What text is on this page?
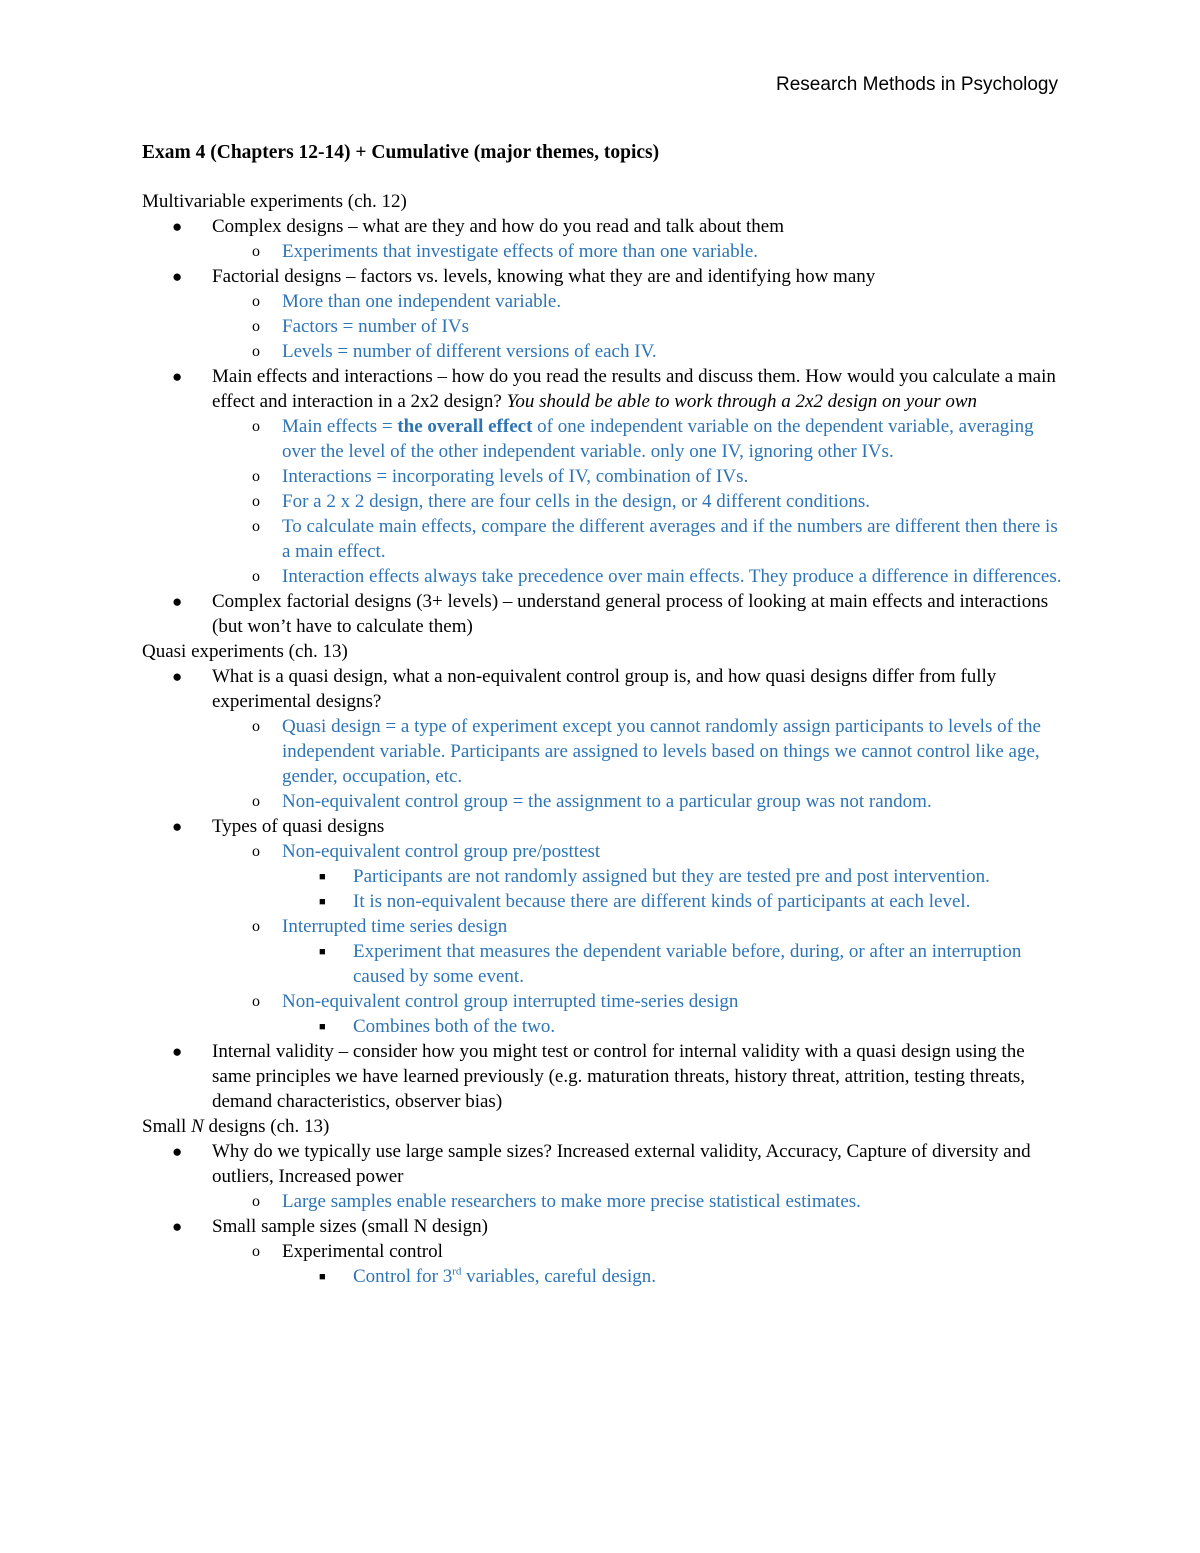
Research Methods in Psychology
Exam 4 (Chapters 12-14) + Cumulative (major themes, topics)
Multivariable experiments (ch. 12)
● Complex designs – what are they and how do you read and talk about them
o Experiments that investigate effects of more than one variable.
● Factorial designs – factors vs. levels, knowing what they are and identifying how many
o More than one independent variable.
o Factors = number of IVs
o Levels = number of different versions of each IV.
● Main effects and interactions – how do you read the results and discuss them. How would you calculate a main effect and interaction in a 2x2 design? You should be able to work through a 2x2 design on your own
o Main effects = the overall effect of one independent variable on the dependent variable, averaging over the level of the other independent variable. only one IV, ignoring other IVs.
o Interactions = incorporating levels of IV, combination of IVs.
o For a 2 x 2 design, there are four cells in the design, or 4 different conditions.
o To calculate main effects, compare the different averages and if the numbers are different then there is a main effect.
o Interaction effects always take precedence over main effects. They produce a difference in differences.
● Complex factorial designs (3+ levels) – understand general process of looking at main effects and interactions (but won’t have to calculate them)
Quasi experiments (ch. 13)
● What is a quasi design, what a non-equivalent control group is, and how quasi designs differ from fully experimental designs?
o Quasi design = a type of experiment except you cannot randomly assign participants to levels of the independent variable. Participants are assigned to levels based on things we cannot control like age, gender, occupation, etc.
o Non-equivalent control group = the assignment to a particular group was not random.
● Types of quasi designs
o Non-equivalent control group pre/posttest
■ Participants are not randomly assigned but they are tested pre and post intervention.
■ It is non-equivalent because there are different kinds of participants at each level.
o Interrupted time series design
■ Experiment that measures the dependent variable before, during, or after an interruption caused by some event.
o Non-equivalent control group interrupted time-series design
■ Combines both of the two.
● Internal validity – consider how you might test or control for internal validity with a quasi design using the same principles we have learned previously (e.g. maturation threats, history threat, attrition, testing threats, demand characteristics, observer bias)
Small N designs (ch. 13)
● Why do we typically use large sample sizes? Increased external validity, Accuracy, Capture of diversity and outliers, Increased power
o Large samples enable researchers to make more precise statistical estimates.
● Small sample sizes (small N design)
o Experimental control
■ Control for 3rd variables, careful design.
